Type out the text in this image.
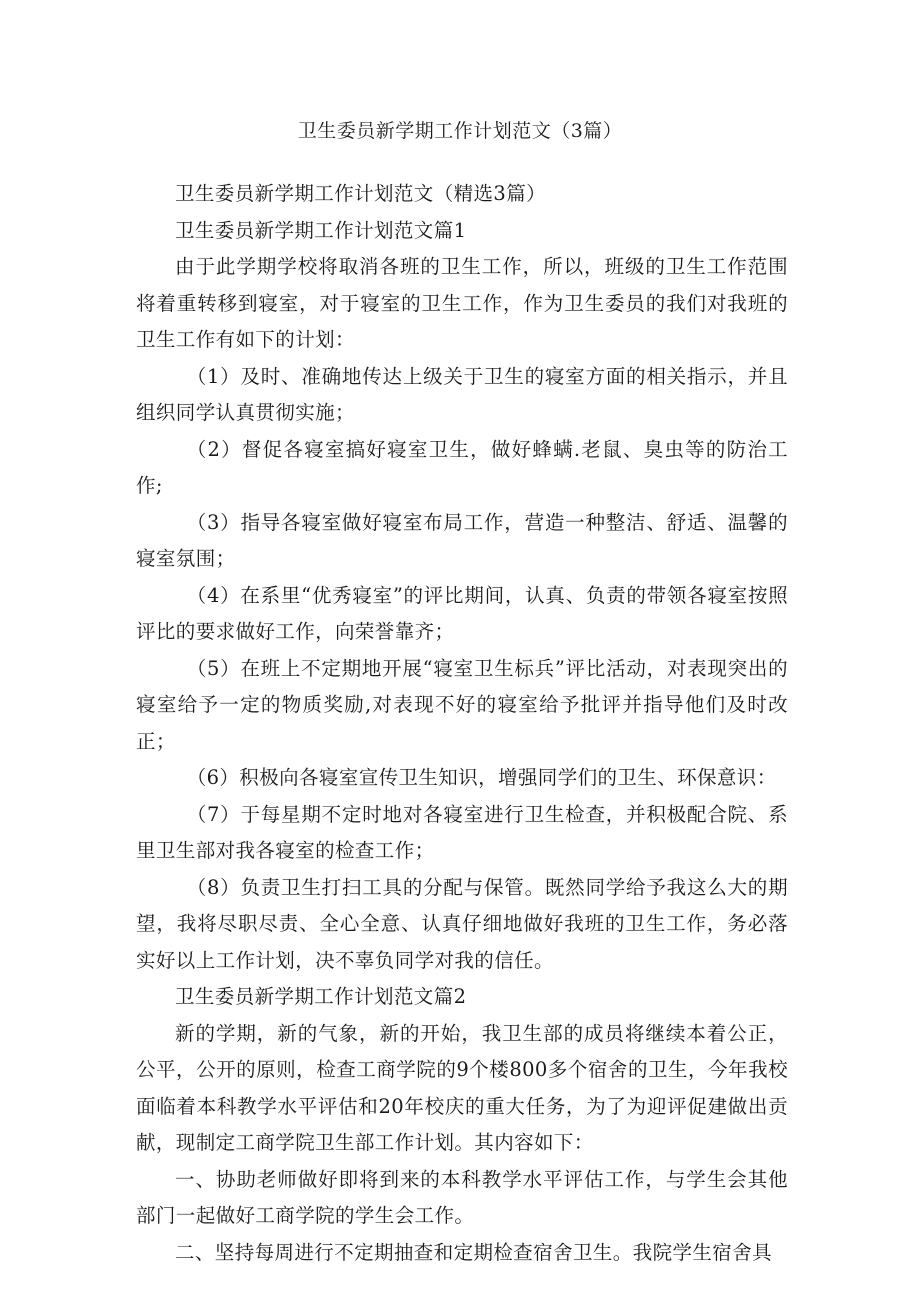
卫生委员新学期工作计划范文（3篇）

卫生委员新学期工作计划范文（精选3篇）

卫生委员新学期工作计划范文篇1

由于此学期学校将取消各班的卫生工作，所以，班级的卫生工作范围将着重转移到寝室，对于寝室的卫生工作，作为卫生委员的我们对我班的卫生工作有如下的计划：

（1）及时、准确地传达上级关于卫生的寝室方面的相关指示，并且组织同学认真贯彻实施；

（2）督促各寝室搞好寝室卫生，做好蜂螨.老鼠、臭虫等的防治工作;

（3）指导各寝室做好寝室布局工作，营造一种整洁、舒适、温馨的寝室氛围；

（4）在系里“优秀寝室”的评比期间，认真、负责的带领各寝室按照评比的要求做好工作，向荣誉靠齐；

（5）在班上不定期地开展“寝室卫生标兵”评比活动，对表现突出的寝室给予一定的物质奖励,对表现不好的寝室给予批评并指导他们及时改正；

（6）积极向各寝室宣传卫生知识，增强同学们的卫生、环保意识：

（7）于每星期不定时地对各寝室进行卫生检查，并积极配合院、系里卫生部对我各寝室的检查工作；

（8）负责卫生打扫工具的分配与保管。既然同学给予我这么大的期望，我将尽职尽责、全心全意、认真仔细地做好我班的卫生工作，务必落实好以上工作计划，决不辜负同学对我的信任。

卫生委员新学期工作计划范文篇2

新的学期，新的气象，新的开始，我卫生部的成员将继续本着公正，公平，公开的原则，检查工商学院的9个楼800多个宿舍的卫生，今年我校面临着本科教学水平评估和20年校庆的重大任务，为了为迎评促建做出贡献，现制定工商学院卫生部工作计划。其内容如下：

一、协助老师做好即将到来的本科教学水平评估工作，与学生会其他部门一起做好工商学院的学生会工作。

二、坚持每周进行不定期抽查和定期检查宿舍卫生。我院学生宿舍具
